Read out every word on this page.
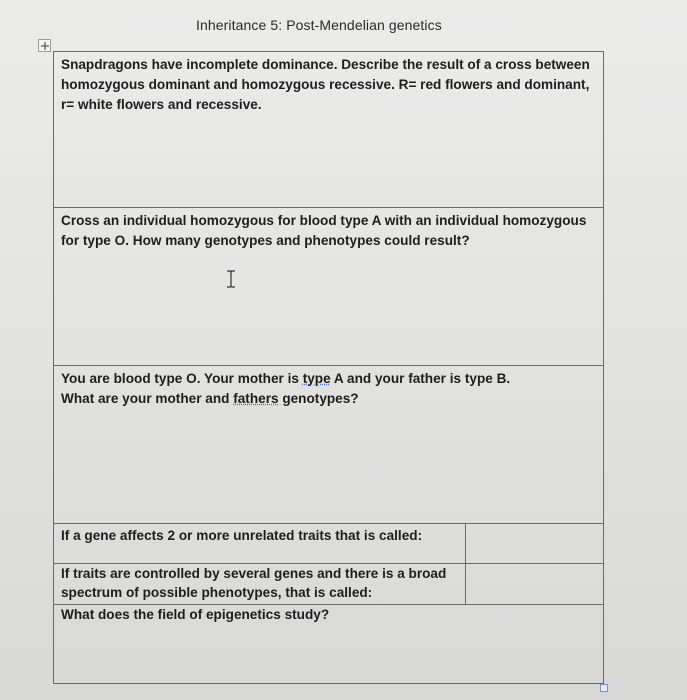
Inheritance 5: Post-Mendelian genetics
Snapdragons have incomplete dominance. Describe the result of a cross between homozygous dominant and homozygous recessive. R= red flowers and dominant, r= white flowers and recessive.
Cross an individual homozygous for blood type A with an individual homozygous for type O. How many genotypes and phenotypes could result?
You are blood type O. Your mother is type A and your father is type B.
What are your mother and fathers genotypes?
If a gene affects 2 or more unrelated traits that is called:
If traits are controlled by several genes and there is a broad spectrum of possible phenotypes, that is called:
What does the field of epigenetics study?
